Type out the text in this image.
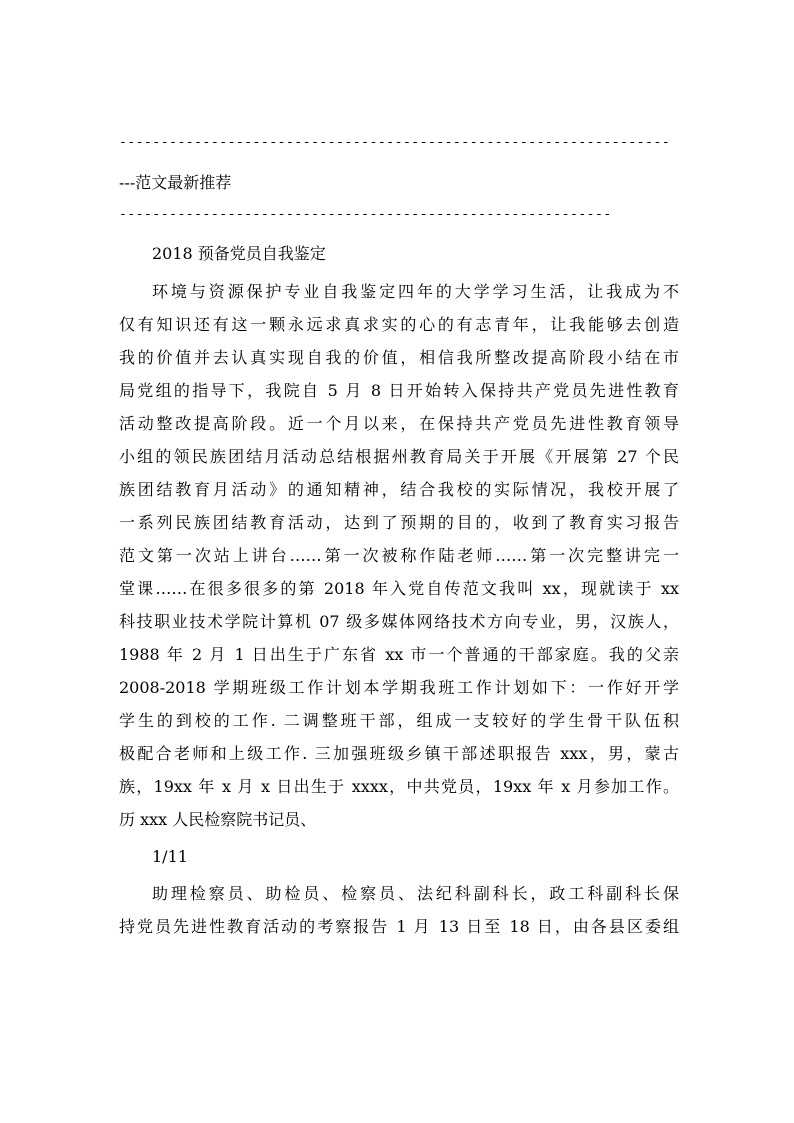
------------------------------------------------------------------
---范文最新推荐
-----------------------------------------------------------
2018 预备党员自我鉴定
环境与资源保护专业自我鉴定四年的大学学习生活，让我成为不
仅有知识还有这一颗永远求真求实的心的有志青年，让我能够去创造
我的价值并去认真实现自我的价值，相信我所整改提高阶段小结在市
局党组的指导下，我院自 5 月 8 日开始转入保持共产党员先进性教育
活动整改提高阶段。近一个月以来，在保持共产党员先进性教育领导
小组的领民族团结月活动总结根据州教育局关于开展《开展第 27 个民
族团结教育月活动》的通知精神，结合我校的实际情况，我校开展了
一系列民族团结教育活动，达到了预期的目的，收到了教育实习报告
范文第一次站上讲台……第一次被称作陆老师……第一次完整讲完一
堂课……在很多很多的第 2018 年入党自传范文我叫 xx，现就读于 xx
科技职业技术学院计算机 07 级多媒体网络技术方向专业，男，汉族人，
1988 年 2 月 1 日出生于广东省 xx 市一个普通的干部家庭。我的父亲
2008-2018 学期班级工作计划本学期我班工作计划如下：一作好开学
学生的到校的工作. 二调整班干部，组成一支较好的学生骨干队伍积
极配合老师和上级工作. 三加强班级乡镇干部述职报告 xxx，男，蒙古
族，19xx 年 x 月 x 日出生于 xxxx，中共党员，19xx 年 x 月参加工作。
历 xxx 人民检察院书记员、
1/11
助理检察员、助检员、检察员、法纪科副科长，政工科副科长保
持党员先进性教育活动的考察报告 1 月 13 日至 18 日，由各县区委组
